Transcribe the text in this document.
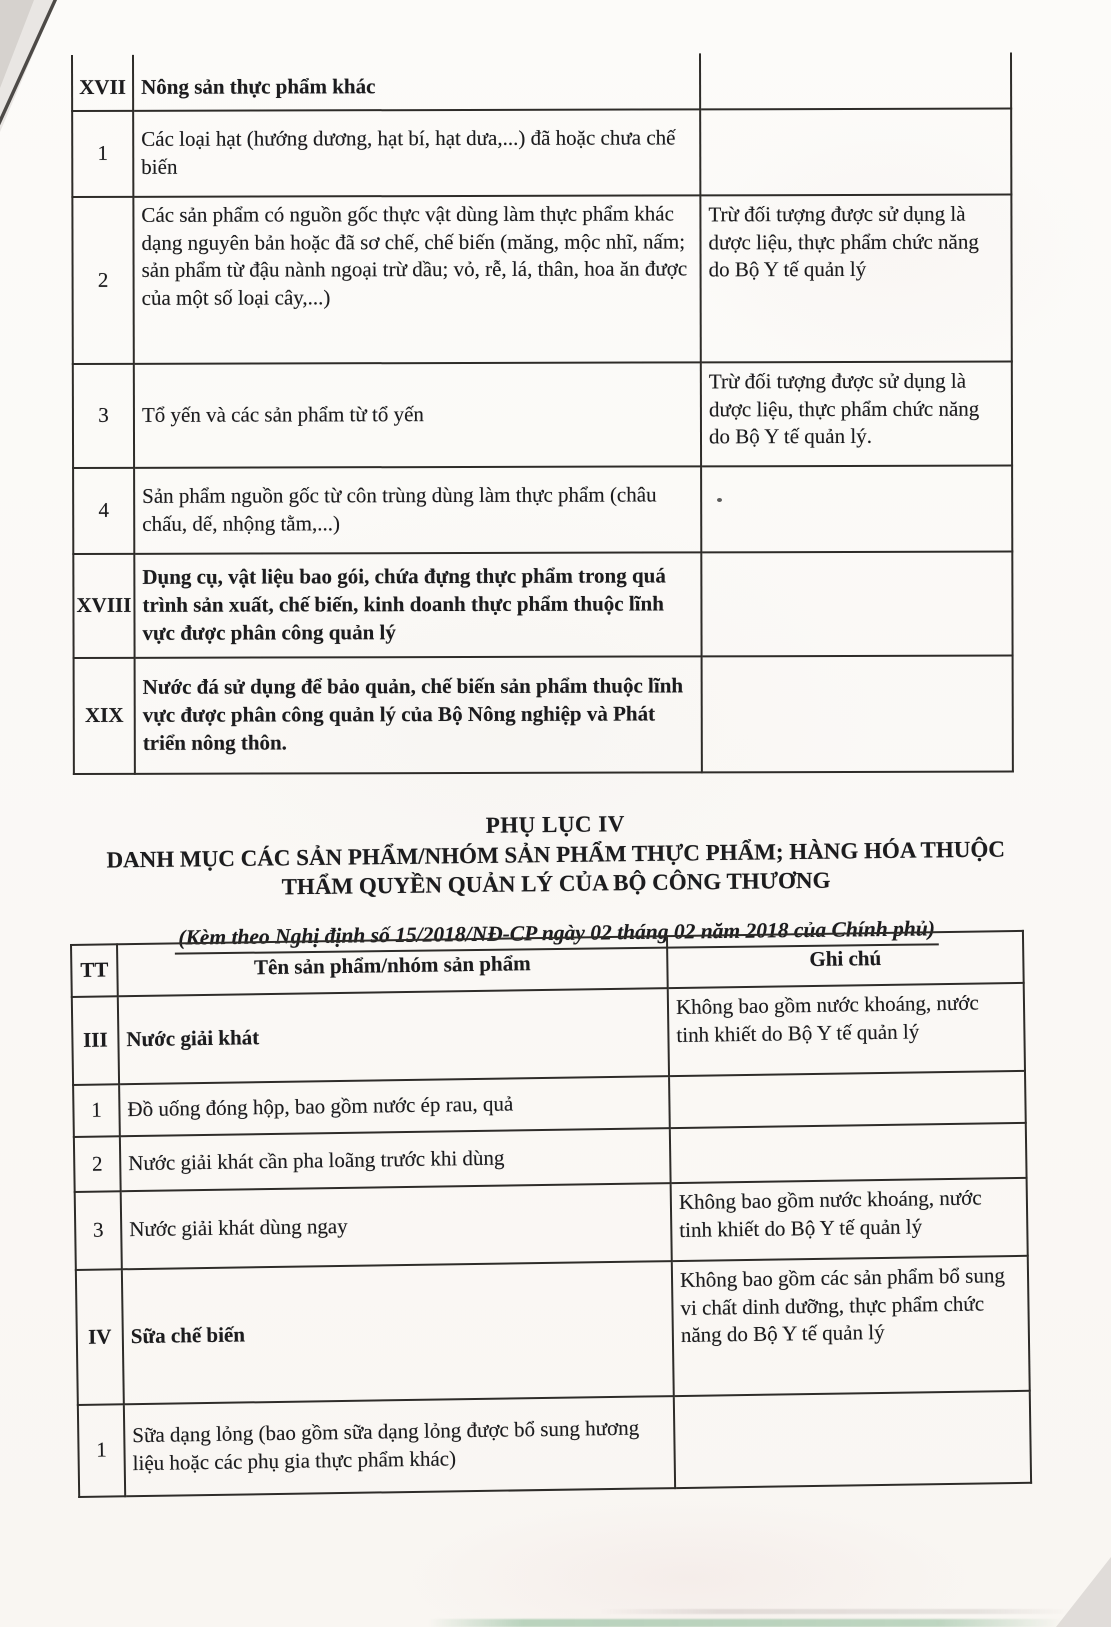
XVII	Nông sản thực phẩm khác	
1	Các loại hạt (hướng dương, hạt bí, hạt dưa,...) đã hoặc chưa chế biến	
2	Các sản phẩm có nguồn gốc thực vật dùng làm thực phẩm khác dạng nguyên bản hoặc đã sơ chế, chế biến (măng, mộc nhĩ, nấm; sản phẩm từ đậu nành ngoại trừ dầu; vỏ, rễ, lá, thân, hoa ăn được của một số loại cây,...)	Trừ đối tượng được sử dụng là dược liệu, thực phẩm chức năng do Bộ Y tế quản lý
3	Tổ yến và các sản phẩm từ tổ yến	Trừ đối tượng được sử dụng là dược liệu, thực phẩm chức năng do Bộ Y tế quản lý.
4	Sản phẩm nguồn gốc từ côn trùng dùng làm thực phẩm (châu chấu, dế, nhộng tằm,...)	
XVIII	Dụng cụ, vật liệu bao gói, chứa đựng thực phẩm trong quá trình sản xuất, chế biến, kinh doanh thực phẩm thuộc lĩnh vực được phân công quản lý	
XIX	Nước đá sử dụng để bảo quản, chế biến sản phẩm thuộc lĩnh vực được phân công quản lý của Bộ Nông nghiệp và Phát triển nông thôn.	
PHỤ LỤC IV
DANH MỤC CÁC SẢN PHẨM/NHÓM SẢN PHẨM THỰC PHẨM; HÀNG HÓA THUỘC
THẨM QUYỀN QUẢN LÝ CỦA BỘ CÔNG THƯƠNG

(Kèm theo Nghị định số 15/2018/NĐ-CP ngày 02 tháng 02 năm 2018 của Chính phủ)
TT	Tên sản phẩm/nhóm sản phẩm	Ghi chú
III	Nước giải khát	Không bao gồm nước khoáng, nước tinh khiết do Bộ Y tế quản lý
1	Đồ uống đóng hộp, bao gồm nước ép rau, quả	
2	Nước giải khát cần pha loãng trước khi dùng	
3	Nước giải khát dùng ngay	Không bao gồm nước khoáng, nước tinh khiết do Bộ Y tế quản lý
IV	Sữa chế biến	Không bao gồm các sản phẩm bổ sung vi chất dinh dưỡng, thực phẩm chức năng do Bộ Y tế quản lý
1	Sữa dạng lỏng (bao gồm sữa dạng lỏng được bổ sung hương liệu hoặc các phụ gia thực phẩm khác)	
